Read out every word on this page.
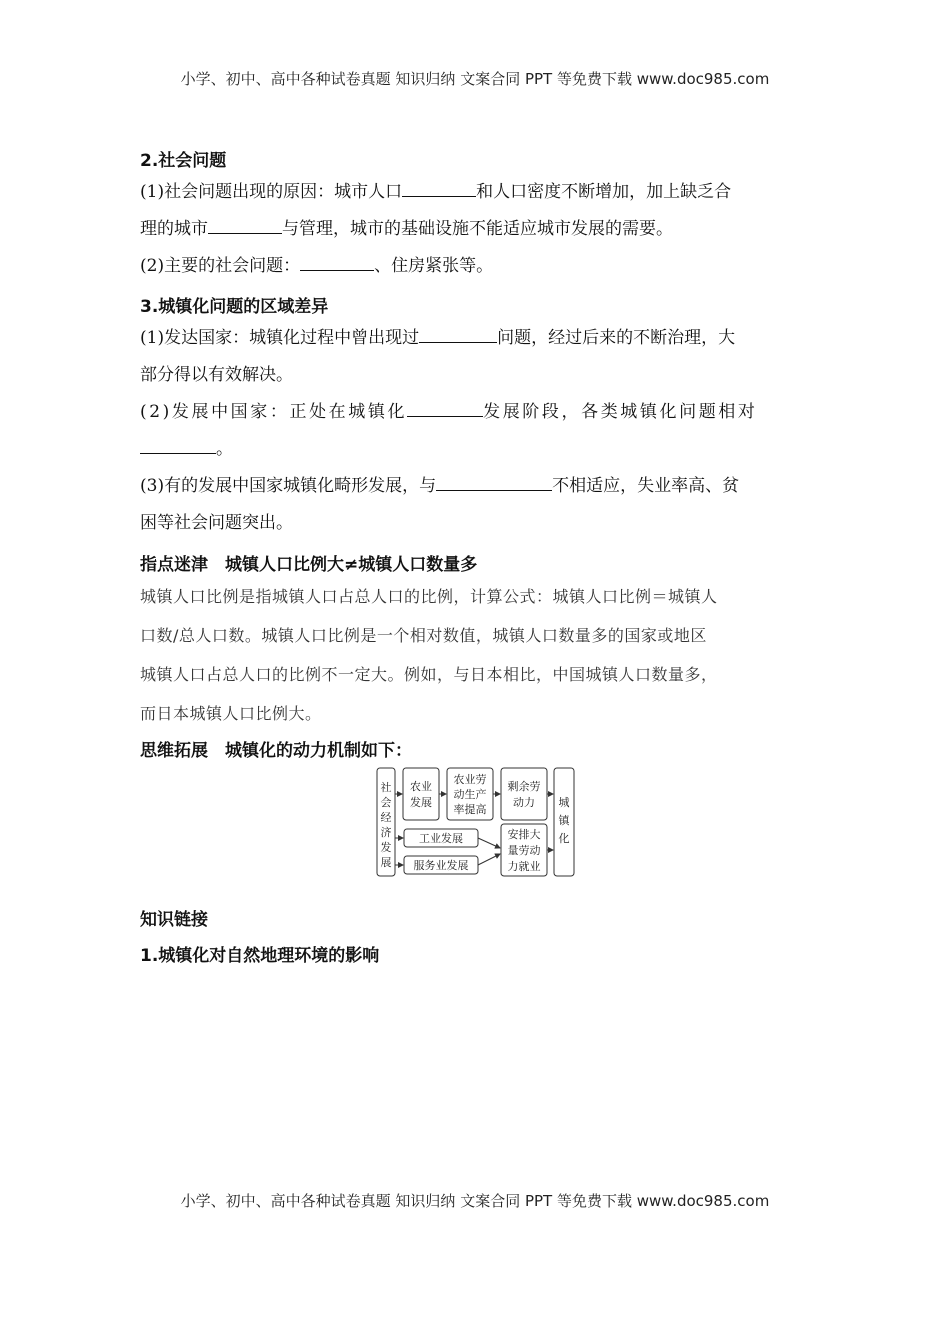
小学、初中、高中各种试卷真题 知识归纳 文案合同 PPT 等免费下载 www.doc985.com
2.社会问题
(1)社会问题出现的原因：城市人口	和人口密度不断增加，加上缺乏合
理的城市	与管理，城市的基础设施不能适应城市发展的需要。
(2)主要的社会问题：	、住房紧张等。
3.城镇化问题的区域差异
(1)发达国家：城镇化过程中曾出现过	问题，经过后来的不断治理，大
部分得以有效解决。
(2)发展中国家：正处在城镇化	发展阶段，各类城镇化问题相对
。
(3)有的发展中国家城镇化畸形发展，与	不相适应，失业率高、贫
困等社会问题突出。
指点迷津　城镇人口比例大≠城镇人口数量多
城镇人口比例是指城镇人口占总人口的比例，计算公式：城镇人口比例＝城镇人
口数/总人口数。城镇人口比例是一个相对数值，城镇人口数量多的国家或地区
城镇人口占总人口的比例不一定大。例如，与日本相比，中国城镇人口数量多，
而日本城镇人口比例大。
思维拓展　城镇化的动力机制如下：
知识链接
1.城镇化对自然地理环境的影响
社
会
经
济
发
展
农业
发展
农业劳
动生产
率提高
剩余劳
动力 城
镇
化
工业发展
服务业发展
安排大
量劳动
力就业
小学、初中、高中各种试卷真题 知识归纳 文案合同 PPT 等免费下载 www.doc985.com
